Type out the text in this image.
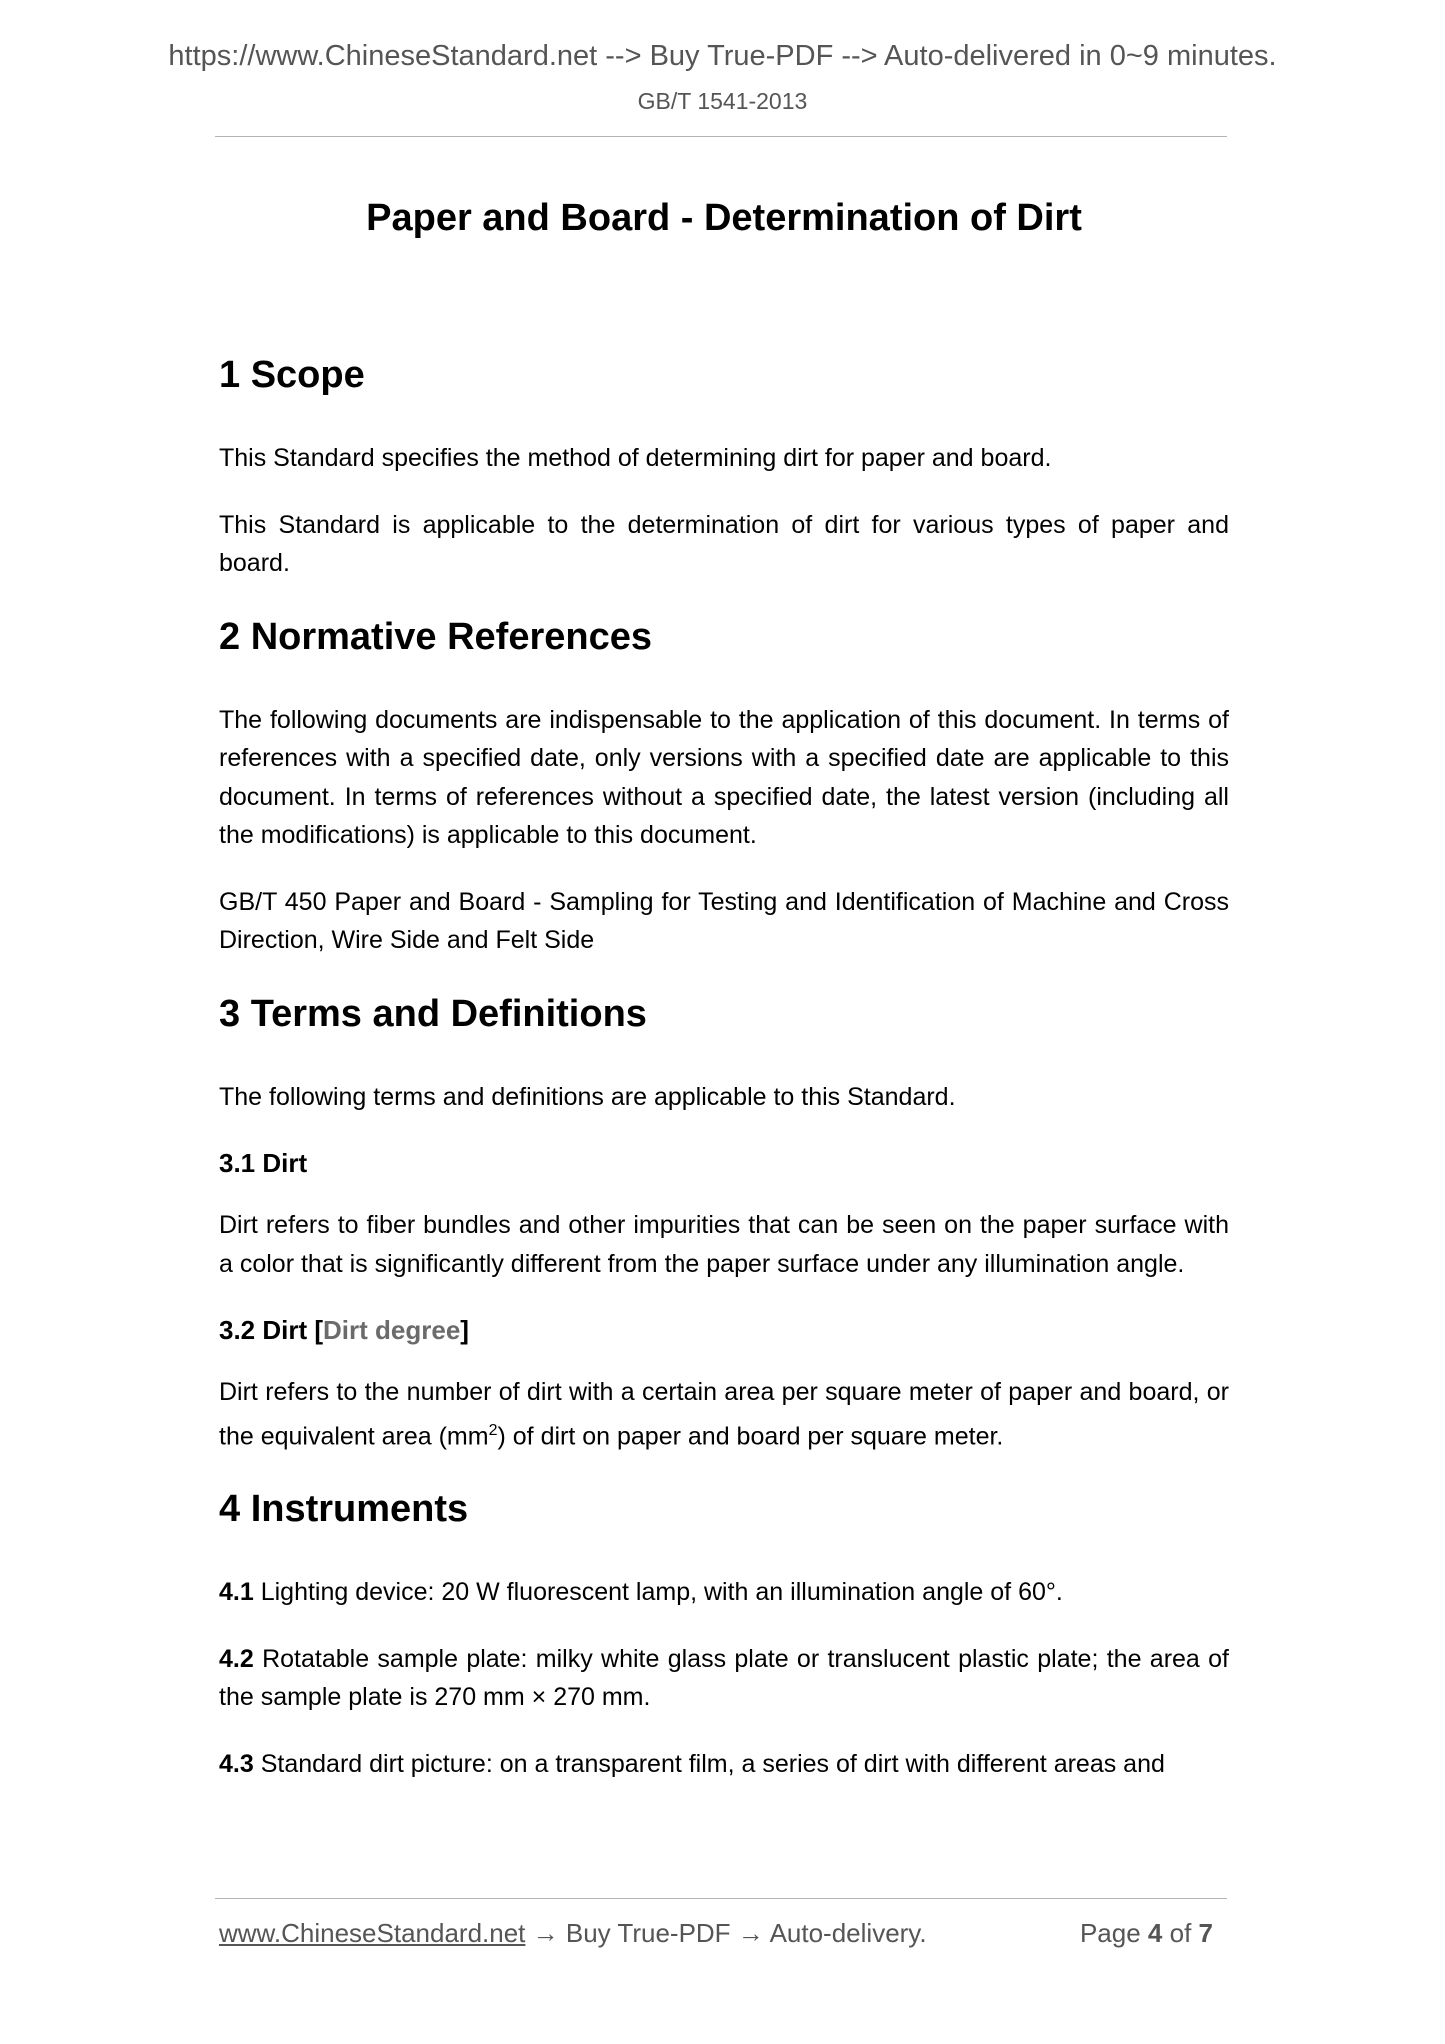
https://www.ChineseStandard.net --> Buy True-PDF --> Auto-delivered in 0~9 minutes.
GB/T 1541-2013
Paper and Board - Determination of Dirt
1 Scope

This Standard specifies the method of determining dirt for paper and board.

This Standard is applicable to the determination of dirt for various types of paper and board.

2 Normative References

The following documents are indispensable to the application of this document. In terms of references with a specified date, only versions with a specified date are applicable to this document. In terms of references without a specified date, the latest version (including all the modifications) is applicable to this document.

GB/T 450 Paper and Board - Sampling for Testing and Identification of Machine and Cross Direction, Wire Side and Felt Side

3 Terms and Definitions

The following terms and definitions are applicable to this Standard.

3.1 Dirt

Dirt refers to fiber bundles and other impurities that can be seen on the paper surface with a color that is significantly different from the paper surface under any illumination angle.

3.2 Dirt [Dirt degree]

Dirt refers to the number of dirt with a certain area per square meter of paper and board, or the equivalent area $(mm^2)$ of dirt on paper and board per square meter.

4 Instruments

4.1 Lighting device: 20 W fluorescent lamp, with an illumination angle of 60°.

4.2 Rotatable sample plate: milky white glass plate or translucent plastic plate; the area of the sample plate is 270 mm × 270 mm.

4.3 Standard dirt picture: on a transparent film, a series of dirt with different areas and

www.ChineseStandard.net → Buy True-PDF → Auto-delivery.	Page 4 of 7
